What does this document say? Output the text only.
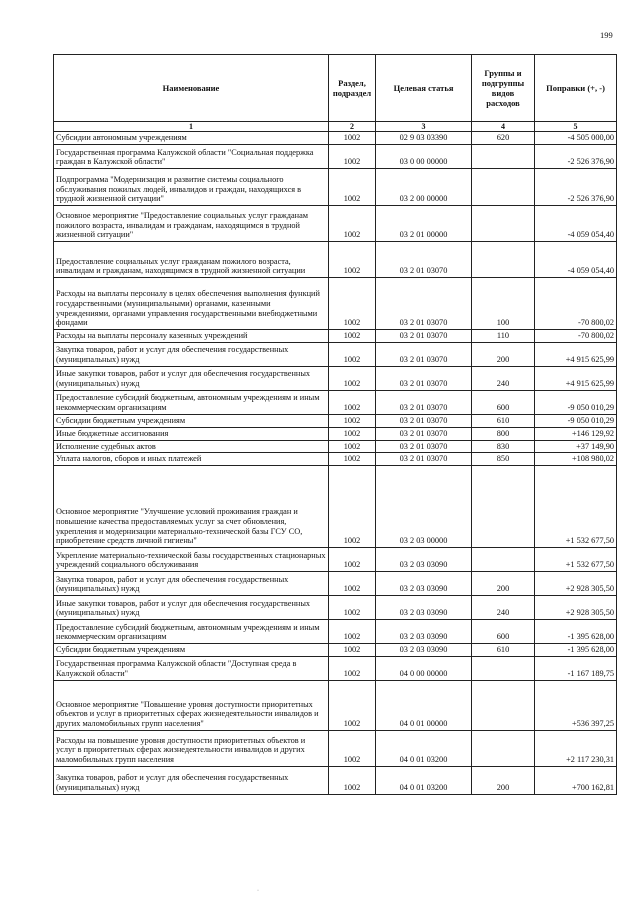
199
Наименование	Раздел, подраздел	Целевая статья	Группы и подгруппы видов расходов	Поправки (+, -)
1	2	3	4	5
Субсидии автономным учреждениям	1002	02 9 03 03390	620	-4 505 000,00
Государственная программа Калужской области "Социальная поддержка граждан в Калужской области"	1002	03 0 00 00000		-2 526 376,90
Подпрограмма "Модернизация и развитие системы социального обслуживания пожилых людей, инвалидов и граждан, находящихся в трудной жизненной ситуации"	1002	03 2 00 00000		-2 526 376,90
Основное мероприятие "Предоставление социальных услуг гражданам пожилого возраста, инвалидам и гражданам, находящимся в трудной жизненной ситуации"	1002	03 2 01 00000		-4 059 054,40
Предоставление социальных услуг гражданам пожилого возраста, инвалидам и гражданам, находящимся в трудной жизненной ситуации	1002	03 2 01 03070		-4 059 054,40
Расходы на выплаты персоналу в целях обеспечения выполнения функций государственными (муниципальными) органами, казенными учреждениями, органами управления государственными внебюджетными фондами	1002	03 2 01 03070	100	-70 800,02
Расходы на выплаты персоналу казенных учреждений	1002	03 2 01 03070	110	-70 800,02
Закупка товаров, работ и услуг для обеспечения государственных (муниципальных) нужд	1002	03 2 01 03070	200	+4 915 625,99
Иные закупки товаров, работ и услуг для обеспечения государственных (муниципальных) нужд	1002	03 2 01 03070	240	+4 915 625,99
Предоставление субсидий бюджетным, автономным учреждениям и иным некоммерческим организациям	1002	03 2 01 03070	600	-9 050 010,29
Субсидии бюджетным учреждениям	1002	03 2 01 03070	610	-9 050 010,29
Иные бюджетные ассигнования	1002	03 2 01 03070	800	+146 129,92
Исполнение судебных актов	1002	03 2 01 03070	830	+37 149,90
Уплата налогов, сборов и иных платежей	1002	03 2 01 03070	850	+108 980,02
Основное мероприятие "Улучшение условий проживания граждан и повышение качества предоставляемых услуг за счет обновления, укрепления и модернизации материально-технической базы ГСУ СО, приобретение средств личной гигиены"	1002	03 2 03 00000		+1 532 677,50
Укрепление материально-технической базы государственных стационарных учреждений социального обслуживания	1002	03 2 03 03090		+1 532 677,50
Закупка товаров, работ и услуг для обеспечения государственных (муниципальных) нужд	1002	03 2 03 03090	200	+2 928 305,50
Иные закупки товаров, работ и услуг для обеспечения государственных (муниципальных) нужд	1002	03 2 03 03090	240	+2 928 305,50
Предоставление субсидий бюджетным, автономным учреждениям и иным некоммерческим организациям	1002	03 2 03 03090	600	-1 395 628,00
Субсидии бюджетным учреждениям	1002	03 2 03 03090	610	-1 395 628,00
Государственная программа Калужской области "Доступная среда в Калужской области"	1002	04 0 00 00000		-1 167 189,75
Основное мероприятие "Повышение уровня доступности приоритетных объектов и услуг в приоритетных сферах жизнедеятельности инвалидов и других маломобильных групп населения"	1002	04 0 01 00000		+536 397,25
Расходы на повышение уровня доступности приоритетных объектов и услуг в приоритетных сферах жизнедеятельности инвалидов и других маломобильных групп населения	1002	04 0 01 03200		+2 117 230,31
Закупка товаров, работ и услуг для обеспечения государственных (муниципальных) нужд	1002	04 0 01 03200	200	+700 162,81
·
